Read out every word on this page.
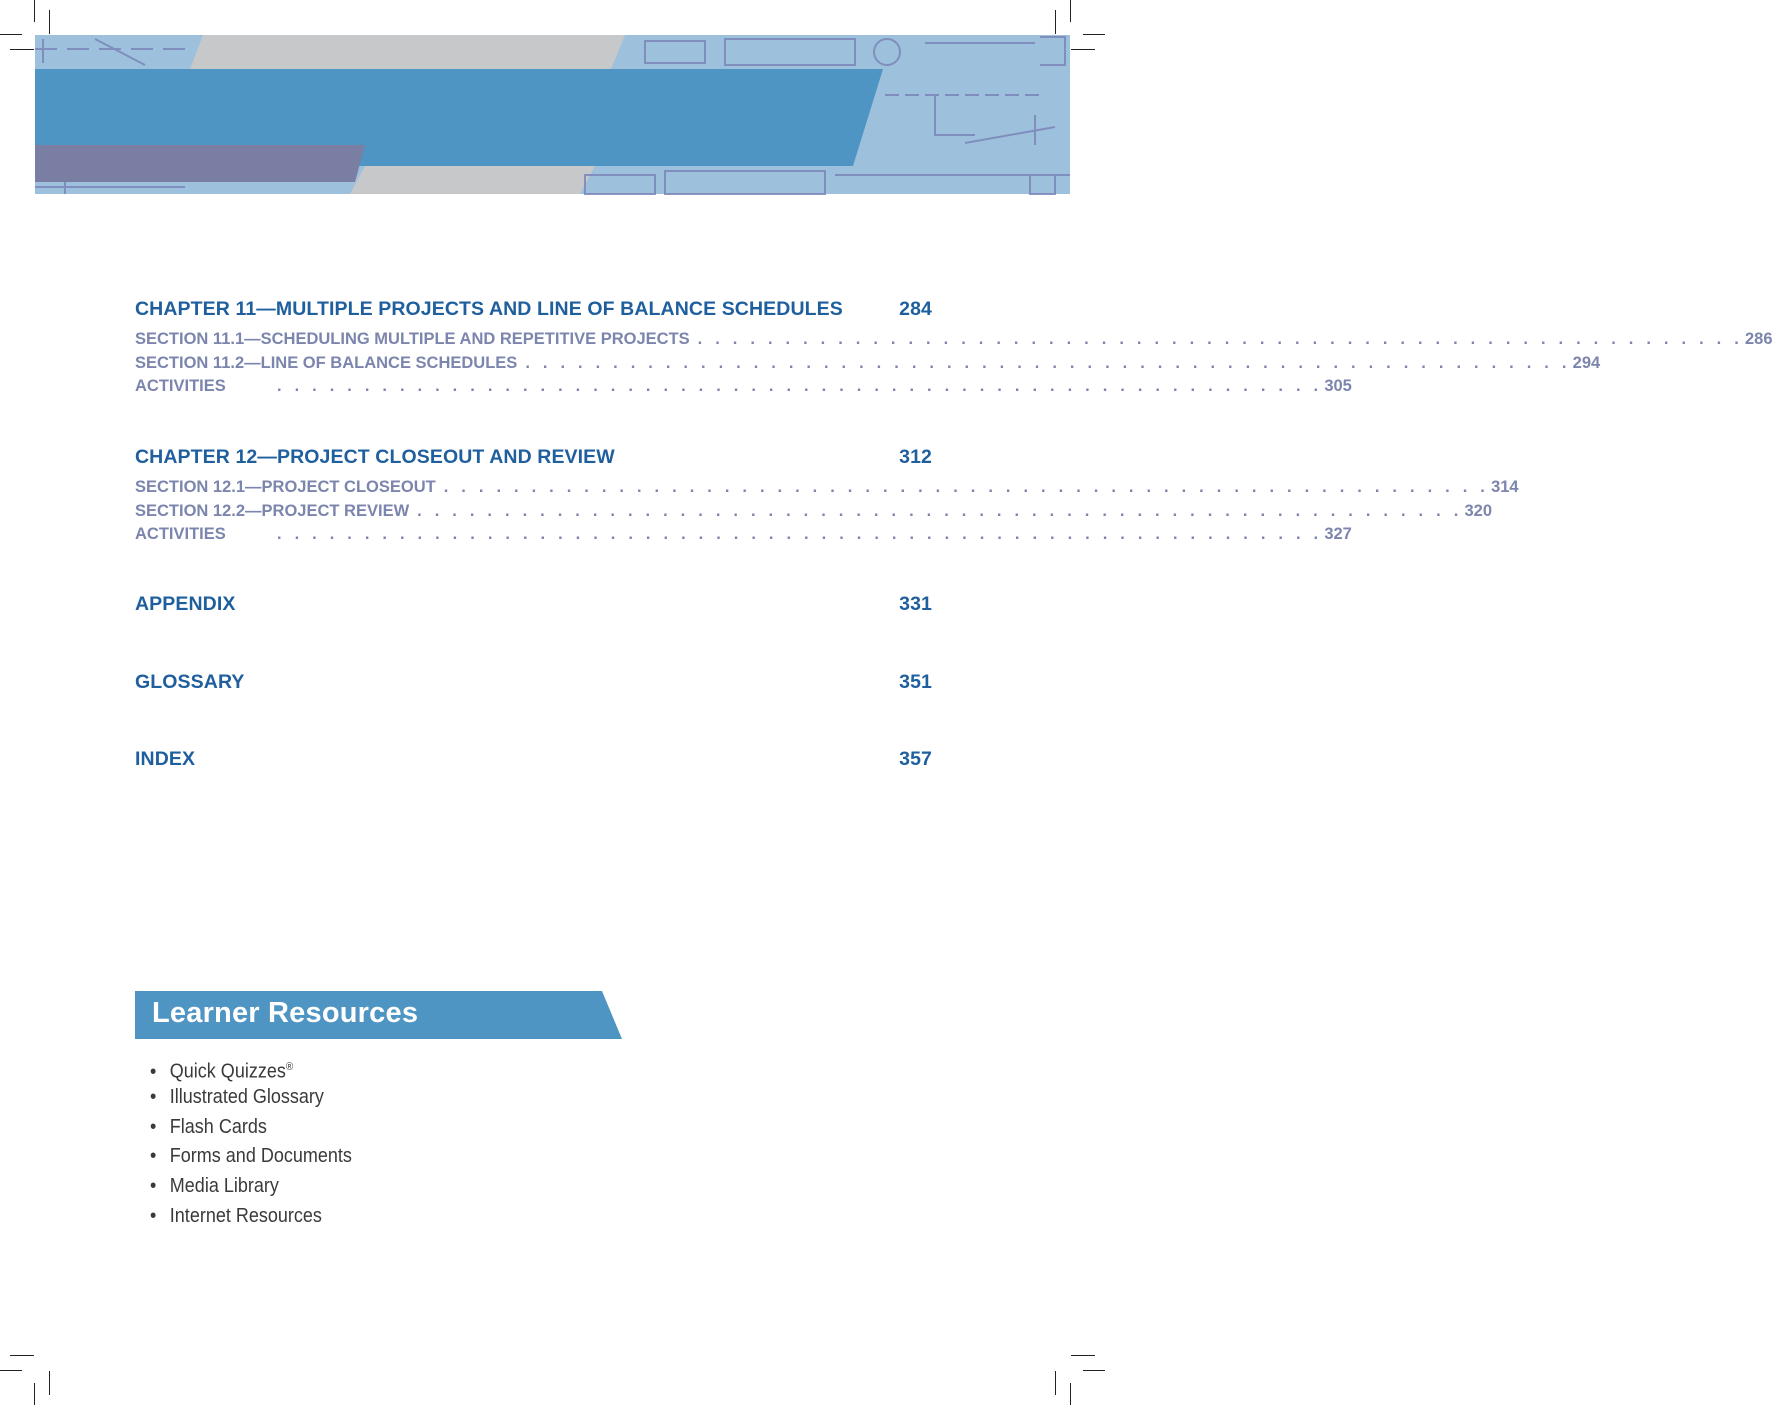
CHAPTER 11—MULTIPLE PROJECTS AND LINE OF BALANCE SCHEDULES	284
SECTION 11.1—SCHEDULING MULTIPLE AND REPETITIVE PROJECTS . . . . . . . . . . . . . . . . . . . . . . . . . . . . . . . . . . . . . . . . . . . . . . . . . . . . . . . . . . . . 286
SECTION 11.2—LINE OF BALANCE SCHEDULES . . . . . . . . . . . . . . . . . . . . . . . . . . . . . . . . . . . . . . . . . . . . . . . . . . . . . . . . . . . . 294
ACTIVITIES	. . . . . . . . . . . . . . . . . . . . . . . . . . . . . . . . . . . . . . . . . . . . . . . . . . . . . . . . . . . . 305
CHAPTER 12—PROJECT CLOSEOUT AND REVIEW	312
SECTION 12.1—PROJECT CLOSEOUT . . . . . . . . . . . . . . . . . . . . . . . . . . . . . . . . . . . . . . . . . . . . . . . . . . . . . . . . . . . . 314
SECTION 12.2—PROJECT REVIEW . . . . . . . . . . . . . . . . . . . . . . . . . . . . . . . . . . . . . . . . . . . . . . . . . . . . . . . . . . . . 320
ACTIVITIES	. . . . . . . . . . . . . . . . . . . . . . . . . . . . . . . . . . . . . . . . . . . . . . . . . . . . . . . . . . . . 327
APPENDIX	331
GLOSSARY	351
INDEX	357
Learner Resources
• Quick Quizzes®
• Illustrated Glossary
• Flash Cards
• Forms and Documents
• Media Library
• Internet Resources
